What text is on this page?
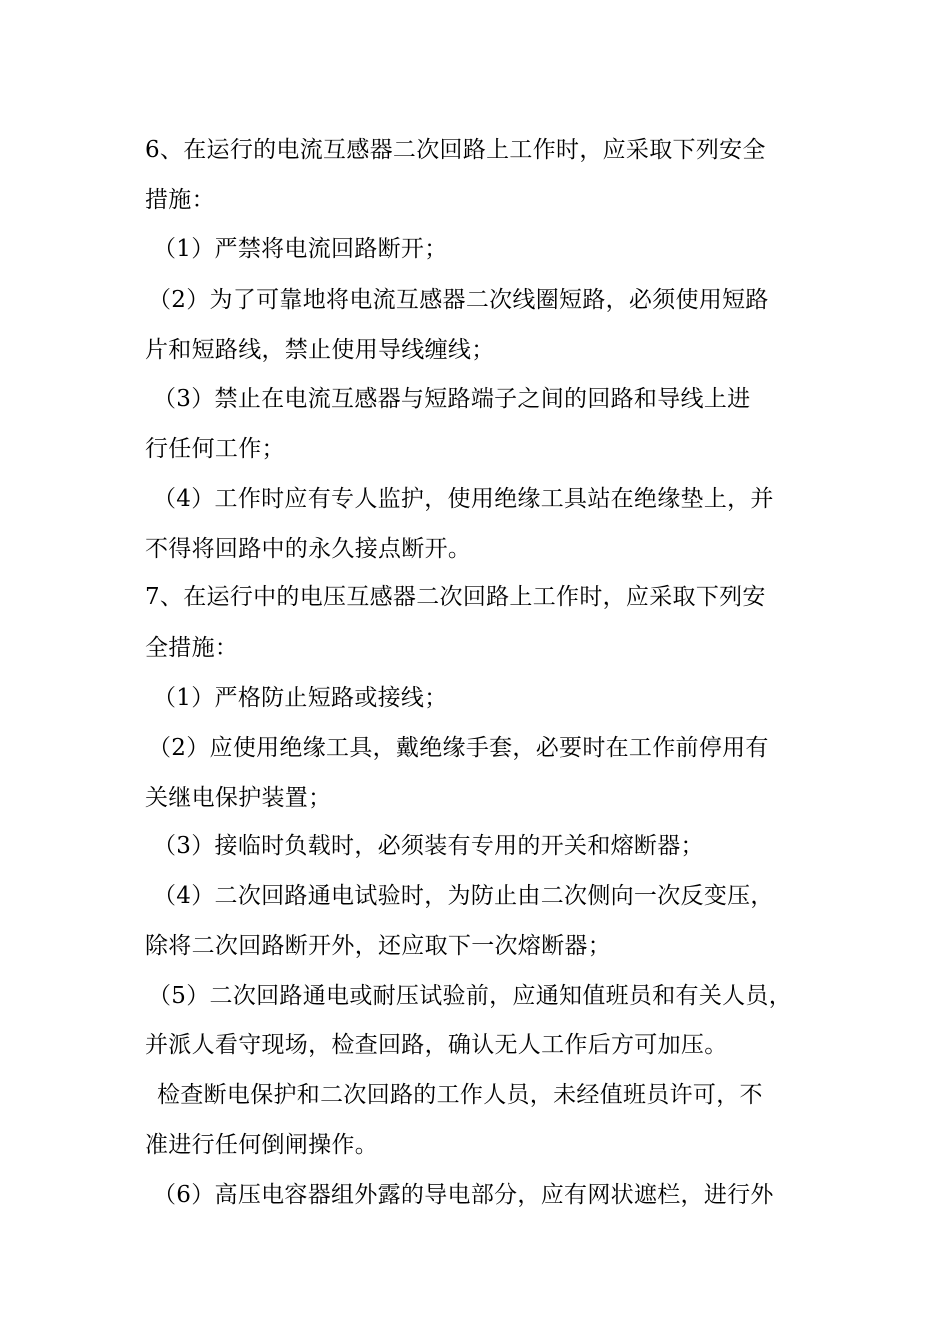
6、在运行的电流互感器二次回路上工作时，应采取下列安全
措施：
（1）严禁将电流回路断开；
（2）为了可靠地将电流互感器二次线圈短路，必须使用短路
片和短路线，禁止使用导线缠线；
（3）禁止在电流互感器与短路端子之间的回路和导线上进
行任何工作；
（4）工作时应有专人监护，使用绝缘工具站在绝缘垫上，并
不得将回路中的永久接点断开。
7、在运行中的电压互感器二次回路上工作时，应采取下列安
全措施：
（1）严格防止短路或接线；
（2）应使用绝缘工具，戴绝缘手套，必要时在工作前停用有
关继电保护装置；
（3）接临时负载时，必须装有专用的开关和熔断器；
（4）二次回路通电试验时，为防止由二次侧向一次反变压，
除将二次回路断开外，还应取下一次熔断器；
（5）二次回路通电或耐压试验前，应通知值班员和有关人员，
并派人看守现场，检查回路，确认无人工作后方可加压。
检查断电保护和二次回路的工作人员，未经值班员许可，不
准进行任何倒闸操作。
（6）高压电容器组外露的导电部分，应有网状遮栏，进行外
